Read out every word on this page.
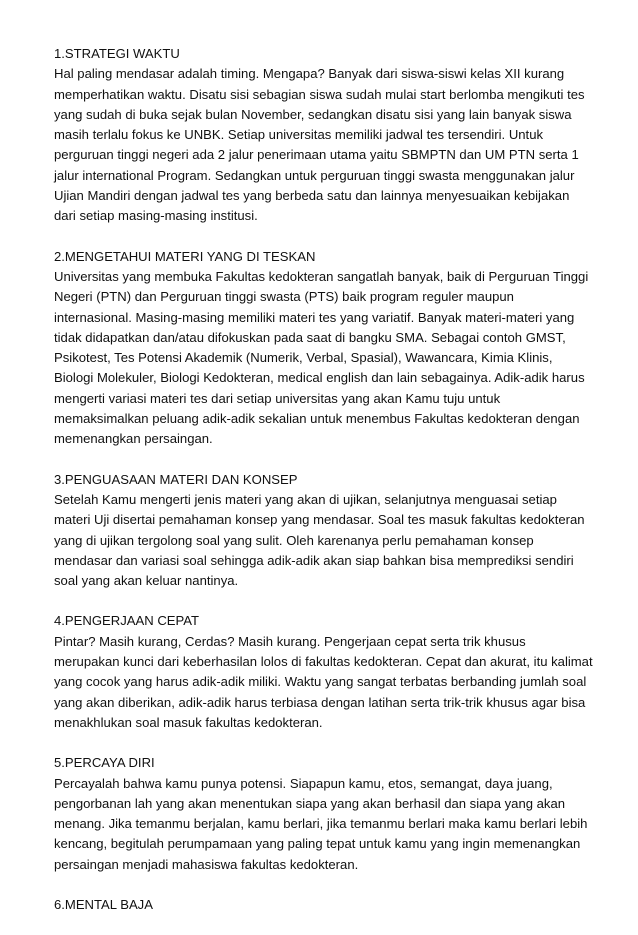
1.STRATEGI WAKTU
Hal paling mendasar adalah timing. Mengapa? Banyak dari siswa-siswi kelas XII kurang
memperhatikan waktu. Disatu sisi sebagian siswa sudah mulai start berlomba mengikuti tes
yang sudah di buka sejak bulan November, sedangkan disatu sisi yang lain banyak siswa
masih terlalu fokus ke UNBK. Setiap universitas memiliki jadwal tes tersendiri. Untuk
perguruan tinggi negeri ada 2 jalur penerimaan utama yaitu SBMPTN dan UM PTN serta 1
jalur international Program. Sedangkan untuk perguruan tinggi swasta menggunakan jalur
Ujian Mandiri dengan jadwal tes yang berbeda satu dan lainnya menyesuaikan kebijakan
dari setiap masing-masing institusi.
2.MENGETAHUI MATERI YANG DI TESKAN
Universitas yang membuka Fakultas kedokteran sangatlah banyak, baik di Perguruan Tinggi
Negeri (PTN) dan Perguruan tinggi swasta (PTS) baik program reguler maupun
internasional. Masing-masing memiliki materi tes yang variatif. Banyak materi-materi yang
tidak didapatkan dan/atau difokuskan pada saat di bangku SMA. Sebagai contoh GMST,
Psikotest, Tes Potensi Akademik (Numerik, Verbal, Spasial), Wawancara, Kimia Klinis,
Biologi Molekuler, Biologi Kedokteran, medical english dan lain sebagainya. Adik-adik harus
mengerti variasi materi tes dari setiap universitas yang akan Kamu tuju untuk
memaksimalkan peluang adik-adik sekalian untuk menembus Fakultas kedokteran dengan
memenangkan persaingan.
3.PENGUASAAN MATERI DAN KONSEP
Setelah Kamu mengerti jenis materi yang akan di ujikan, selanjutnya menguasai setiap
materi Uji disertai pemahaman konsep yang mendasar. Soal tes masuk fakultas kedokteran
yang di ujikan tergolong soal yang sulit. Oleh karenanya perlu pemahaman konsep
mendasar dan variasi soal sehingga adik-adik akan siap bahkan bisa memprediksi sendiri
soal yang akan keluar nantinya.
4.PENGERJAAN CEPAT
Pintar? Masih kurang, Cerdas? Masih kurang. Pengerjaan cepat serta trik khusus
merupakan kunci dari keberhasilan lolos di fakultas kedokteran. Cepat dan akurat, itu kalimat
yang cocok yang harus adik-adik miliki. Waktu yang sangat terbatas berbanding jumlah soal
yang akan diberikan, adik-adik harus terbiasa dengan latihan serta trik-trik khusus agar bisa
menakhlukan soal masuk fakultas kedokteran.
5.PERCAYA DIRI
Percayalah bahwa kamu punya potensi. Siapapun kamu, etos, semangat, daya juang,
pengorbanan lah yang akan menentukan siapa yang akan berhasil dan siapa yang akan
menang. Jika temanmu berjalan, kamu berlari, jika temanmu berlari maka kamu berlari lebih
kencang, begitulah perumpamaan yang paling tepat untuk kamu yang ingin memenangkan
persaingan menjadi mahasiswa fakultas kedokteran.
6.MENTAL BAJA
